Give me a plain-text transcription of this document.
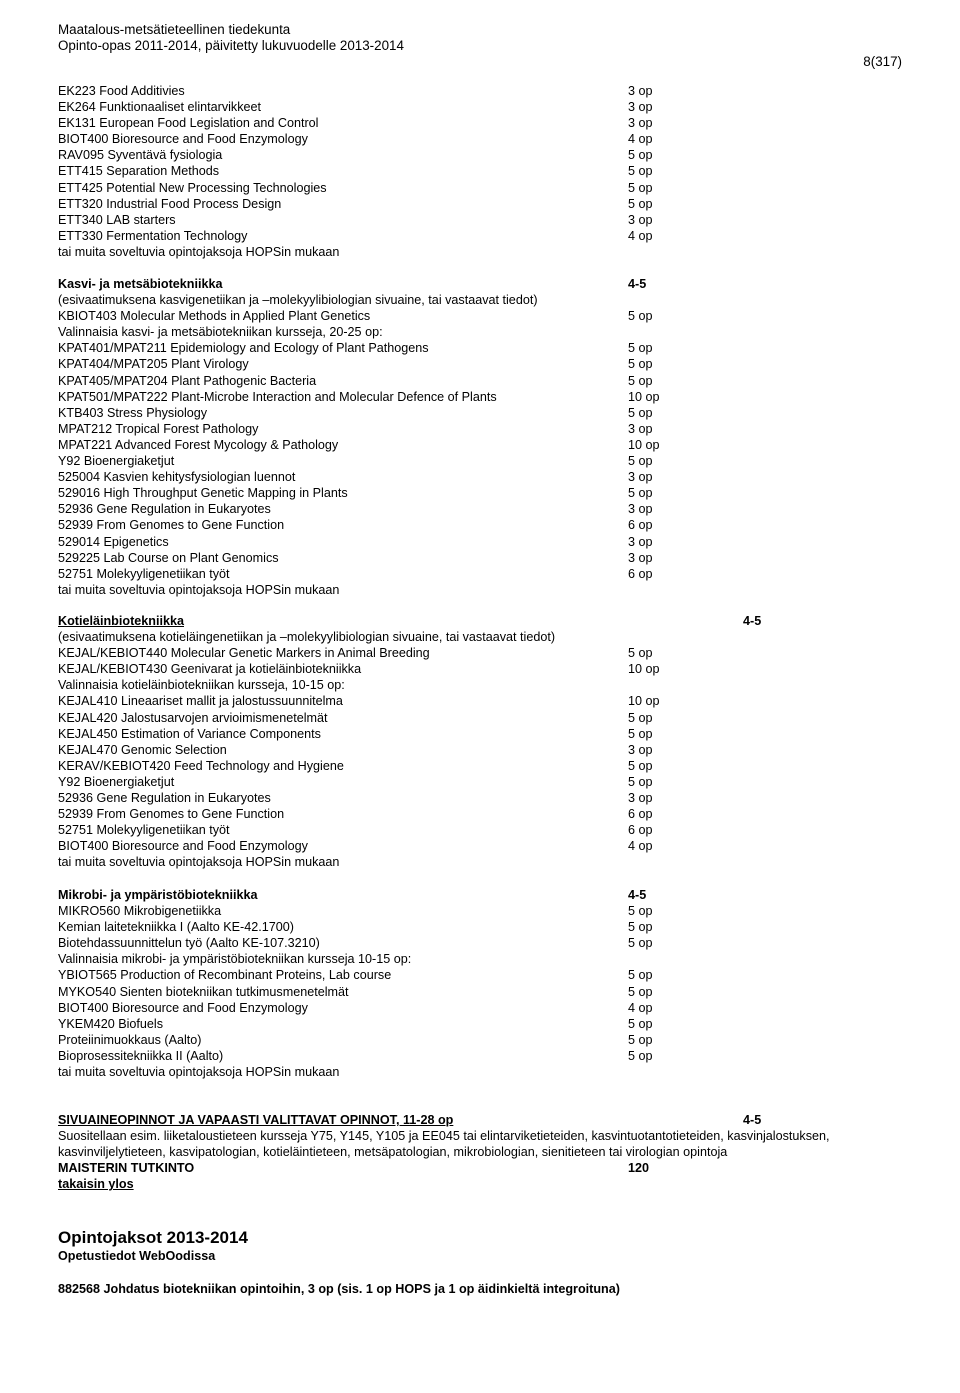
Maatalous-metsätieteellinen tiedekunta
Opinto-opas 2011-2014, päivitetty lukuvuodelle 2013-2014
8(317)
EK223 Food Additivies	3 op
EK264 Funktionaaliset elintarvikkeet	3 op
EK131 European Food Legislation and Control	3 op
BIOT400 Bioresource and Food Enzymology	4 op
RAV095 Syventävä fysiologia	5 op
ETT415 Separation Methods	5 op
ETT425 Potential New Processing Technologies	5 op
ETT320 Industrial Food Process Design	5 op
ETT340 LAB starters	3 op
ETT330 Fermentation Technology	4 op
tai muita soveltuvia opintojaksoja HOPSin mukaan
Kasvi- ja metsäbiotekniikka	4-5
(esivaatimuksena kasvigenetiikan ja –molekyylibiologian sivuaine, tai vastaavat tiedot)
KBIOT403 Molecular Methods in Applied Plant Genetics	5 op
Valinnaisia kasvi- ja metsäbiotekniikan kursseja, 20-25 op:
KPAT401/MPAT211 Epidemiology and Ecology of Plant Pathogens	5 op
KPAT404/MPAT205 Plant Virology	5 op
KPAT405/MPAT204 Plant Pathogenic Bacteria	5 op
KPAT501/MPAT222 Plant-Microbe Interaction and Molecular Defence of Plants	10 op
KTB403 Stress Physiology	5 op
MPAT212 Tropical Forest Pathology	3 op
MPAT221 Advanced Forest Mycology & Pathology	10 op
Y92 Bioenergiaketjut	5 op
525004 Kasvien kehitysfysiologian luennot	3 op
529016 High Throughput Genetic Mapping in Plants	5 op
52936 Gene Regulation in Eukaryotes	3 op
52939 From Genomes to Gene Function	6 op
529014 Epigenetics	3 op
529225 Lab Course on Plant Genomics	3 op
52751 Molekyyligenetiikan työt	6 op
tai muita soveltuvia opintojaksoja HOPSin mukaan
Kotieläinbiotekniikka	4-5
(esivaatimuksena kotieläingenetiikan ja –molekyylibiologian sivuaine, tai vastaavat tiedot)
KEJAL/KEBIOT440 Molecular Genetic Markers in Animal Breeding	5 op
KEJAL/KEBIOT430 Geenivarat ja kotieläinbiotekniikka	10 op
Valinnaisia kotieläinbiotekniikan kursseja, 10-15 op:
KEJAL410 Lineaariset mallit ja jalostussuunnitelma	10 op
KEJAL420 Jalostusarvojen arvioimismenetelmät	5 op
KEJAL450 Estimation of Variance Components	5 op
KEJAL470 Genomic Selection	3 op
KERAV/KEBIOT420 Feed Technology and Hygiene	5 op
Y92 Bioenergiaketjut	5 op
52936 Gene Regulation in Eukaryotes	3 op
52939 From Genomes to Gene Function	6 op
52751 Molekyyligenetiikan työt	6 op
BIOT400 Bioresource and Food Enzymology	4 op
tai muita soveltuvia opintojaksoja HOPSin mukaan
Mikrobi- ja ympäristöbiotekniikka	4-5
MIKRO560 Mikrobigenetiikka	5 op
Kemian laitetekniikka I (Aalto KE-42.1700)	5 op
Biotehdassuunnittelun työ (Aalto KE-107.3210)	5 op
Valinnaisia mikrobi- ja ympäristöbiotekniikan kursseja 10-15 op:
YBIOT565 Production of Recombinant Proteins, Lab course	5 op
MYKO540 Sienten biotekniikan tutkimusmenetelmät	5 op
BIOT400 Bioresource and Food Enzymology	4 op
YKEM420 Biofuels	5 op
Proteiinimuokkaus (Aalto)	5 op
Bioprosessitekniikka II (Aalto)	5 op
tai muita soveltuvia opintojaksoja HOPSin mukaan
SIVUAINEOPINNOT JA VAPAASTI VALITTAVAT OPINNOT, 11-28 op	4-5
Suositellaan esim. liiketaloustieteen kursseja Y75, Y145, Y105 ja EE045 tai elintarviketieteiden, kasvintuotantotieteiden, kasvinjalostuksen, kasvinviljelytieteen, kasvipatologian, kotieläintieteen, metsäpatologian, mikrobiologian, sienitieteen tai virologian opintoja
MAISTERIN TUTKINTO	120
takaisin ylos
Opintojaksot 2013-2014
Opetustiedot WebOodissa
882568 Johdatus biotekniikan opintoihin, 3 op (sis. 1 op HOPS ja 1 op äidinkieltä integroituna)
